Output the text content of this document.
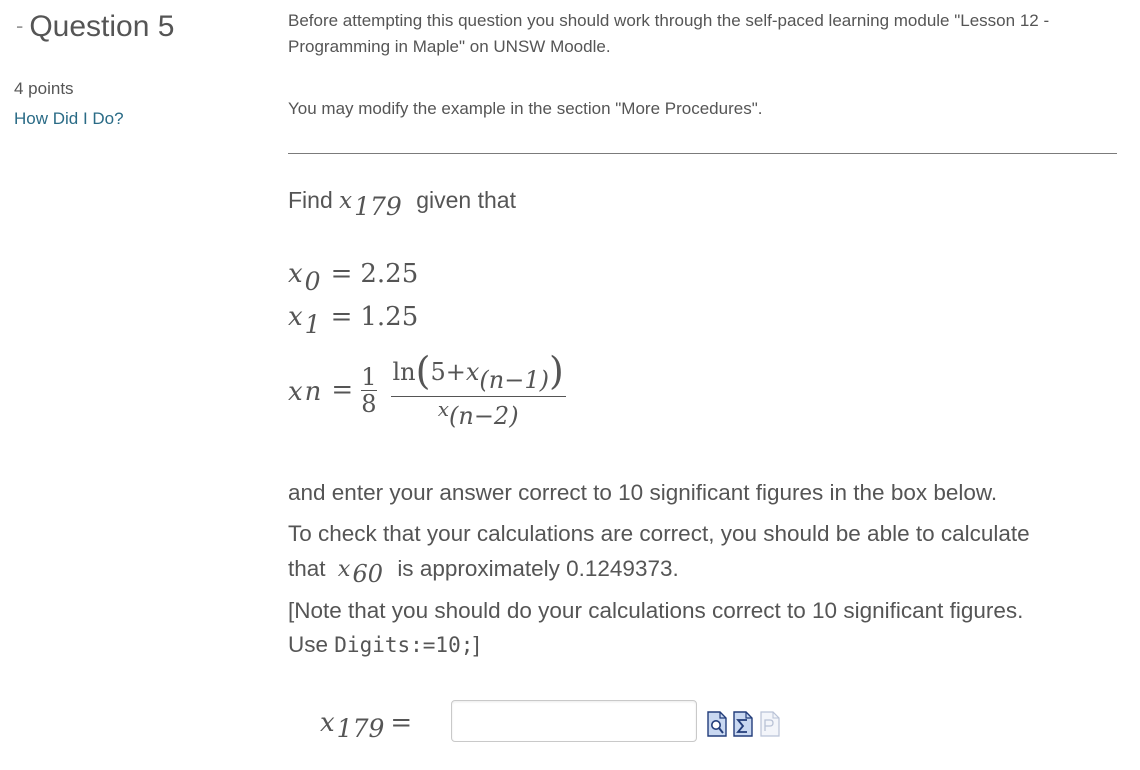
- Question 5
4 points
How Did I Do?
Before attempting this question you should work through the self-paced learning module "Lesson 12 - Programming in Maple" on UNSW Moodle.
You may modify the example in the section "More Procedures".
Find x179 given that
x0 = 2.25
x1 = 1.25
xn = $\frac{1}{8} \frac{\ln(5+x(n-1))}{^x(n-2)}$
and enter your answer correct to 10 significant figures in the box below.
To check that your calculations are correct, you should be able to calculate
that x60 is approximately 0.1249373.
[Note that you should do your calculations correct to 10 significant figures.
Use Digits:=10;]
x179 =
